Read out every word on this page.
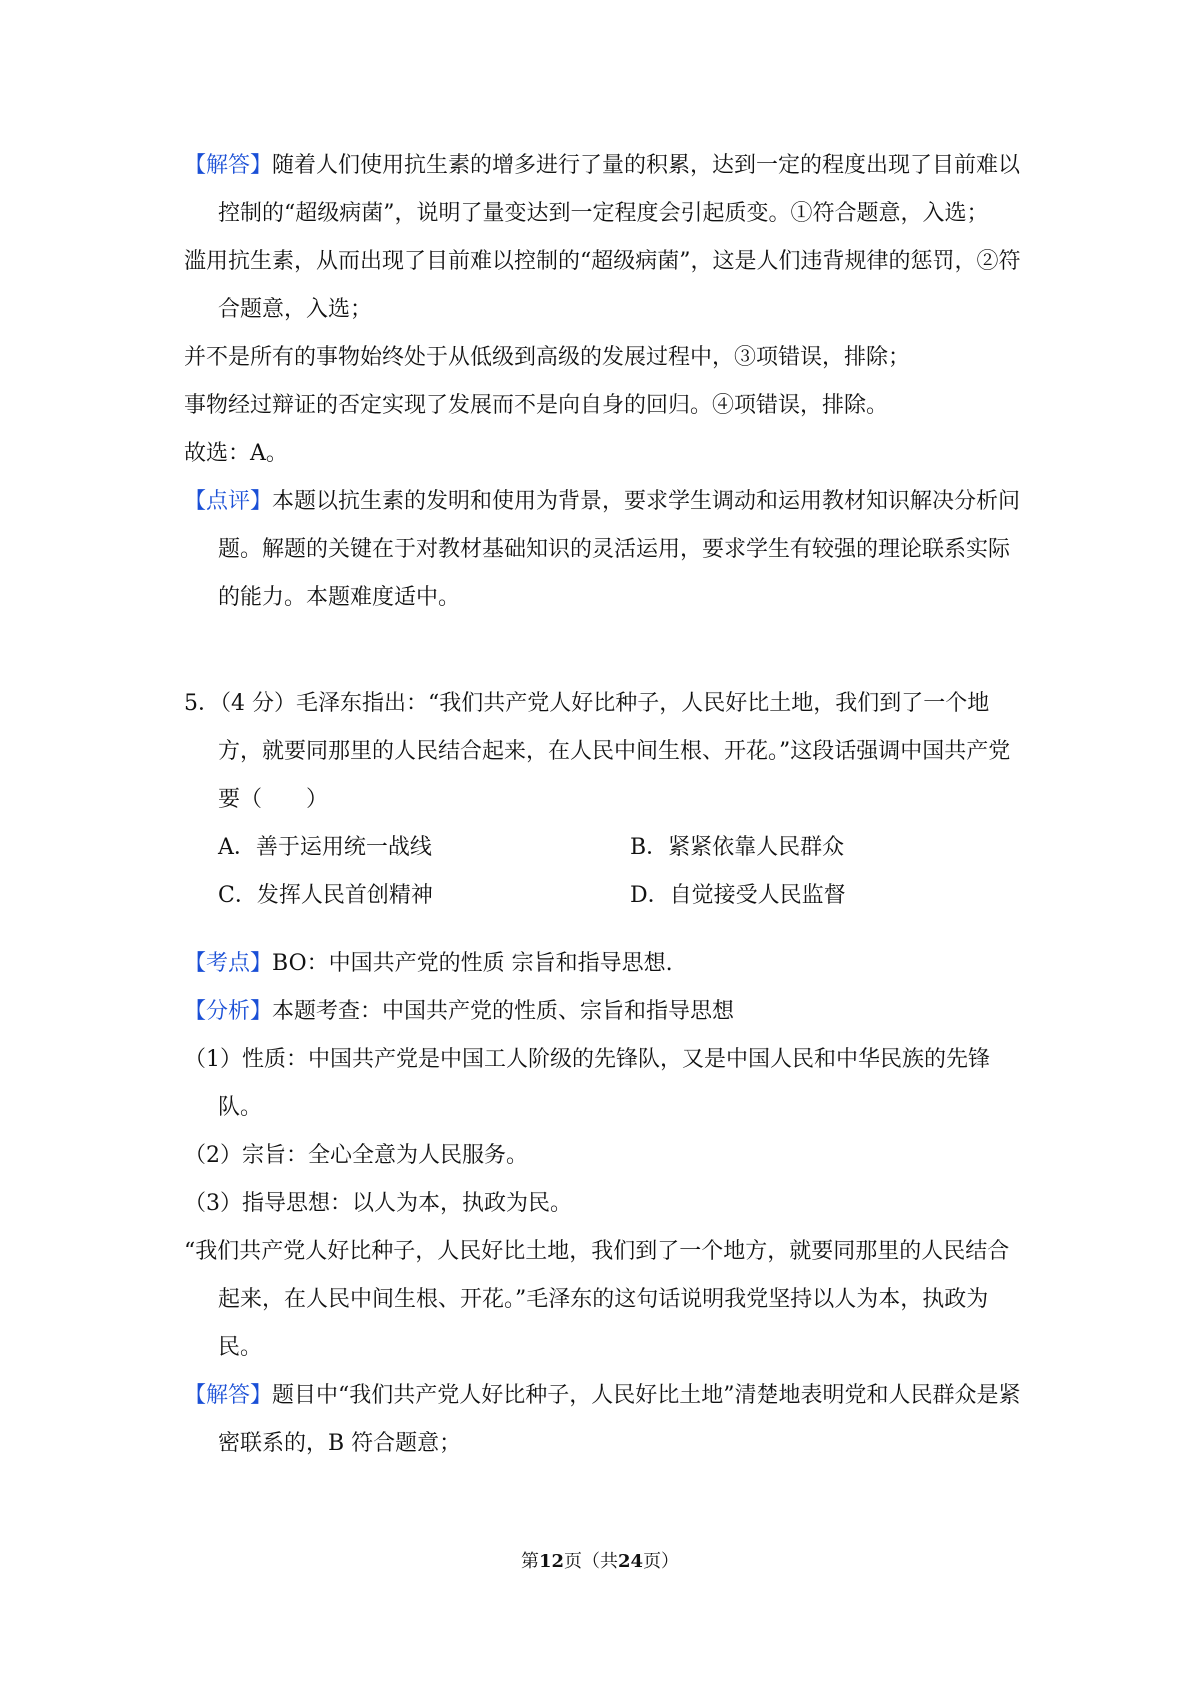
【解答】随着人们使用抗生素的增多进行了量的积累，达到一定的程度出现了目前难以控制的“超级病菌”，说明了量变达到一定程度会引起质变。①符合题意，入选；

滥用抗生素，从而出现了目前难以控制的“超级病菌”，这是人们违背规律的惩罚，②符合题意，入选；

并不是所有的事物始终处于从低级到高级的发展过程中，③项错误，排除；

事物经过辩证的否定实现了发展而不是向自身的回归。④项错误，排除。

故选：A。

【点评】本题以抗生素的发明和使用为背景，要求学生调动和运用教材知识解决分析问题。解题的关键在于对教材基础知识的灵活运用，要求学生有较强的理论联系实际的能力。本题难度适中。

5．（4 分）毛泽东指出：“我们共产党人好比种子，人民好比土地，我们到了一个地方，就要同那里的人民结合起来，在人民中间生根、开花。”这段话强调中国共产党要（　　）

A．善于运用统一战线	B．紧紧依靠人民群众
C．发挥人民首创精神	D．自觉接受人民监督

【考点】BO：中国共产党的性质 宗旨和指导思想.

【分析】本题考查：中国共产党的性质、宗旨和指导思想

（1）性质：中国共产党是中国工人阶级的先锋队，又是中国人民和中华民族的先锋队。

（2）宗旨：全心全意为人民服务。

（3）指导思想：以人为本，执政为民。

“我们共产党人好比种子，人民好比土地，我们到了一个地方，就要同那里的人民结合起来，在人民中间生根、开花。”毛泽东的这句话说明我党坚持以人为本，执政为民。

【解答】题目中“我们共产党人好比种子，人民好比土地”清楚地表明党和人民群众是紧密联系的，B 符合题意；

第12页（共24页）
